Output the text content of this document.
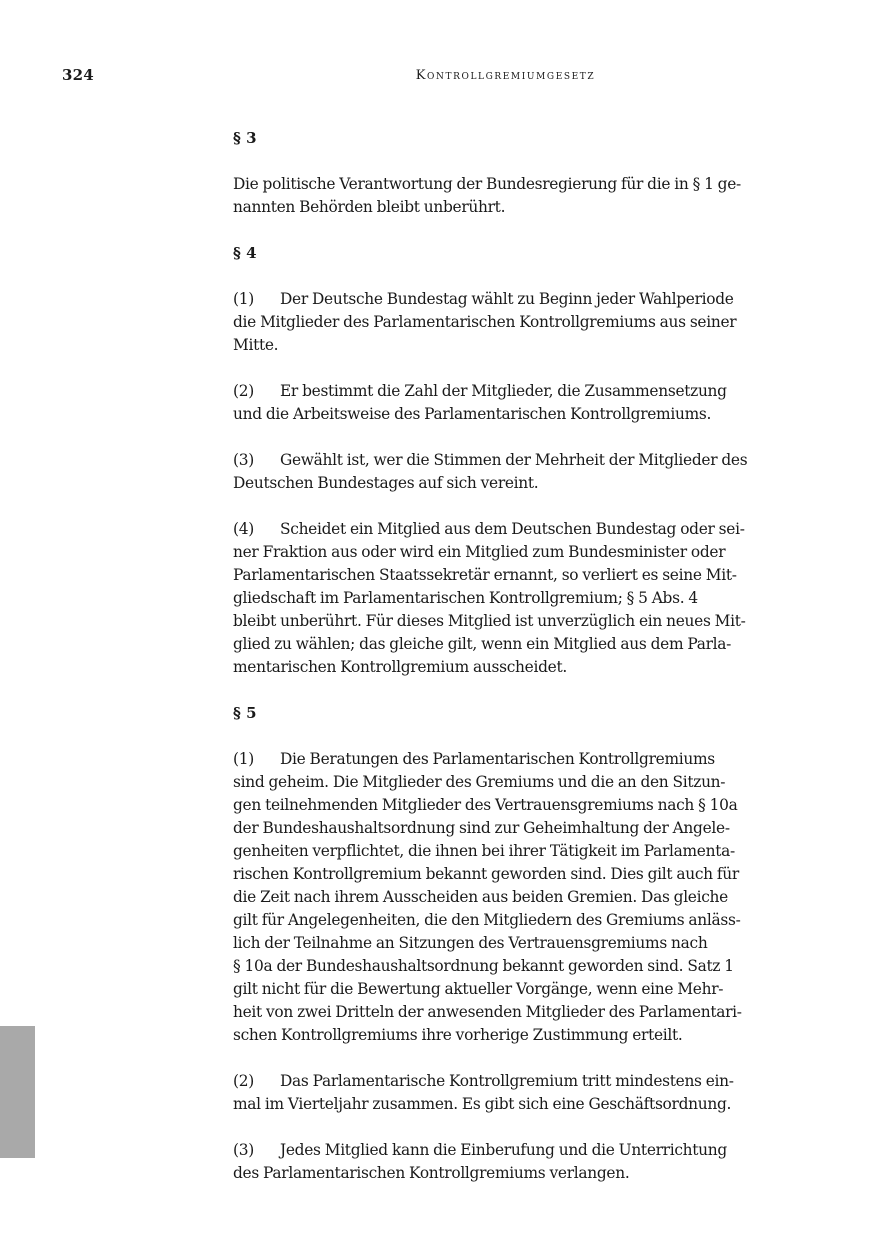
324	Kontrollgremiumgesetz
§ 3
Die politische Verantwortung der Bundesregierung für die in § 1 ge-
nannten Behörden bleibt unberührt.
§ 4
(1) Der Deutsche Bundestag wählt zu Beginn jeder Wahlperiode
die Mitglieder des Parlamentarischen Kontrollgremiums aus seiner
Mitte.
(2) Er bestimmt die Zahl der Mitglieder, die Zusammensetzung
und die Arbeitsweise des Parlamentarischen Kontrollgremiums.
(3) Gewählt ist, wer die Stimmen der Mehrheit der Mitglieder des
Deutschen Bundestages auf sich vereint.
(4) Scheidet ein Mitglied aus dem Deutschen Bundestag oder sei-
ner Fraktion aus oder wird ein Mitglied zum Bundesminister oder
Parlamentarischen Staatssekretär ernannt, so verliert es seine Mit-
gliedschaft im Parlamentarischen Kontrollgremium; § 5 Abs. 4
bleibt unberührt. Für dieses Mitglied ist unverzüglich ein neues Mit-
glied zu wählen; das gleiche gilt, wenn ein Mitglied aus dem Parla-
mentarischen Kontrollgremium ausscheidet.
§ 5
(1) Die Beratungen des Parlamentarischen Kontrollgremiums
sind geheim. Die Mitglieder des Gremiums und die an den Sitzun-
gen teilnehmenden Mitglieder des Vertrauensgremiums nach § 10a
der Bundeshaushaltsordnung sind zur Geheimhaltung der Angele-
genheiten verpflichtet, die ihnen bei ihrer Tätigkeit im Parlamenta-
rischen Kontrollgremium bekannt geworden sind. Dies gilt auch für
die Zeit nach ihrem Ausscheiden aus beiden Gremien. Das gleiche
gilt für Angelegenheiten, die den Mitgliedern des Gremiums anläss-
lich der Teilnahme an Sitzungen des Vertrauensgremiums nach
§ 10a der Bundeshaushaltsordnung bekannt geworden sind. Satz 1
gilt nicht für die Bewertung aktueller Vorgänge, wenn eine Mehr-
heit von zwei Dritteln der anwesenden Mitglieder des Parlamentari-
schen Kontrollgremiums ihre vorherige Zustimmung erteilt.
(2) Das Parlamentarische Kontrollgremium tritt mindestens ein-
mal im Vierteljahr zusammen. Es gibt sich eine Geschäftsordnung.
(3) Jedes Mitglied kann die Einberufung und die Unterrichtung
des Parlamentarischen Kontrollgremiums verlangen.
